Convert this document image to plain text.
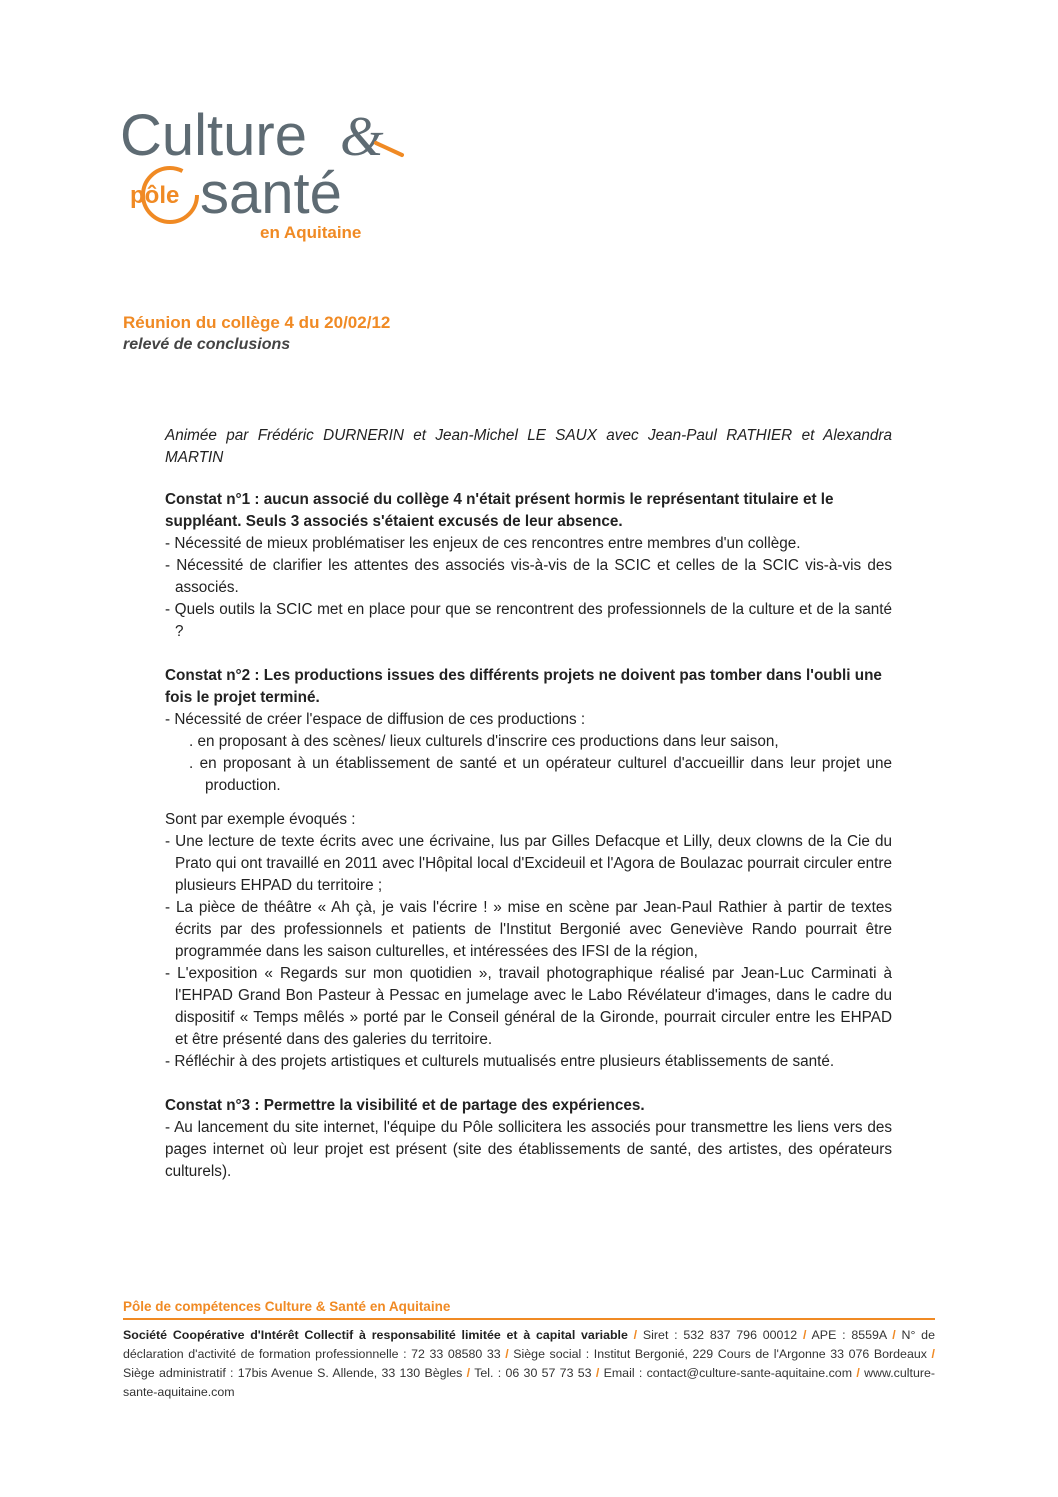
Culture &
pôle santé
en Aquitaine

Réunion du collège 4 du 20/02/12

relevé de conclusions

Animée par Frédéric DURNERIN et Jean-Michel LE SAUX avec Jean-Paul RATHIER et Alexandra MARTIN

Constat n°1 : aucun associé du collège 4 n'était présent hormis le représentant titulaire et le suppléant. Seuls 3 associés s'étaient excusés de leur absence.

- Nécessité de mieux problématiser les enjeux de ces rencontres entre membres d'un collège.

- Nécessité de clarifier les attentes des associés vis-à-vis de la SCIC et celles de la SCIC vis-à-vis des associés.

- Quels outils la SCIC met en place pour que se rencontrent des professionnels de la culture et de la santé ?

Constat n°2 : Les productions issues des différents projets ne doivent pas tomber dans l'oubli une fois le projet terminé.

- Nécessité de créer l'espace de diffusion de ces productions :

. en proposant à des scènes/ lieux culturels d'inscrire ces productions dans leur saison,

. en proposant à un établissement de santé et un opérateur culturel d'accueillir dans leur projet une production.

Sont par exemple évoqués :

- Une lecture de texte écrits avec une écrivaine, lus par Gilles Defacque et Lilly, deux clowns de la Cie du Prato qui ont travaillé en 2011 avec l'Hôpital local d'Excideuil et l'Agora de Boulazac pourrait circuler entre plusieurs EHPAD du territoire ;

- La pièce de théâtre « Ah çà, je vais l'écrire ! » mise en scène par Jean-Paul Rathier à partir de textes écrits par des professionnels et patients de l'Institut Bergonié avec Geneviève Rando pourrait être programmée dans les saison culturelles, et intéressées des IFSI de la région,

- L'exposition « Regards sur mon quotidien », travail photographique réalisé par Jean-Luc Carminati à l'EHPAD Grand Bon Pasteur à Pessac en jumelage avec le Labo Révélateur d'images, dans le cadre du dispositif « Temps mêlés » porté par le Conseil général de la Gironde, pourrait circuler entre les EHPAD et être présenté dans des galeries du territoire.

- Réfléchir à des projets artistiques et culturels mutualisés entre plusieurs établissements de santé.

Constat n°3 : Permettre la visibilité et de partage des expériences.

- Au lancement du site internet, l'équipe du Pôle sollicitera les associés pour transmettre les liens vers des pages internet où leur projet est présent (site des établissements de santé, des artistes, des opérateurs culturels).

Pôle de compétences Culture & Santé en Aquitaine

Société Coopérative d'Intérêt Collectif à responsabilité limitée et à capital variable / Siret : 532 837 796 00012 / APE : 8559A / N° de déclaration d'activité de formation professionnelle : 72 33 08580 33 / Siège social : Institut Bergonié, 229 Cours de l'Argonne 33 076 Bordeaux / Siège administratif : 17bis Avenue S. Allende, 33 130 Bègles / Tel. : 06 30 57 73 53 / Email : contact@culture-sante-aquitaine.com / www.culture-sante-aquitaine.com
